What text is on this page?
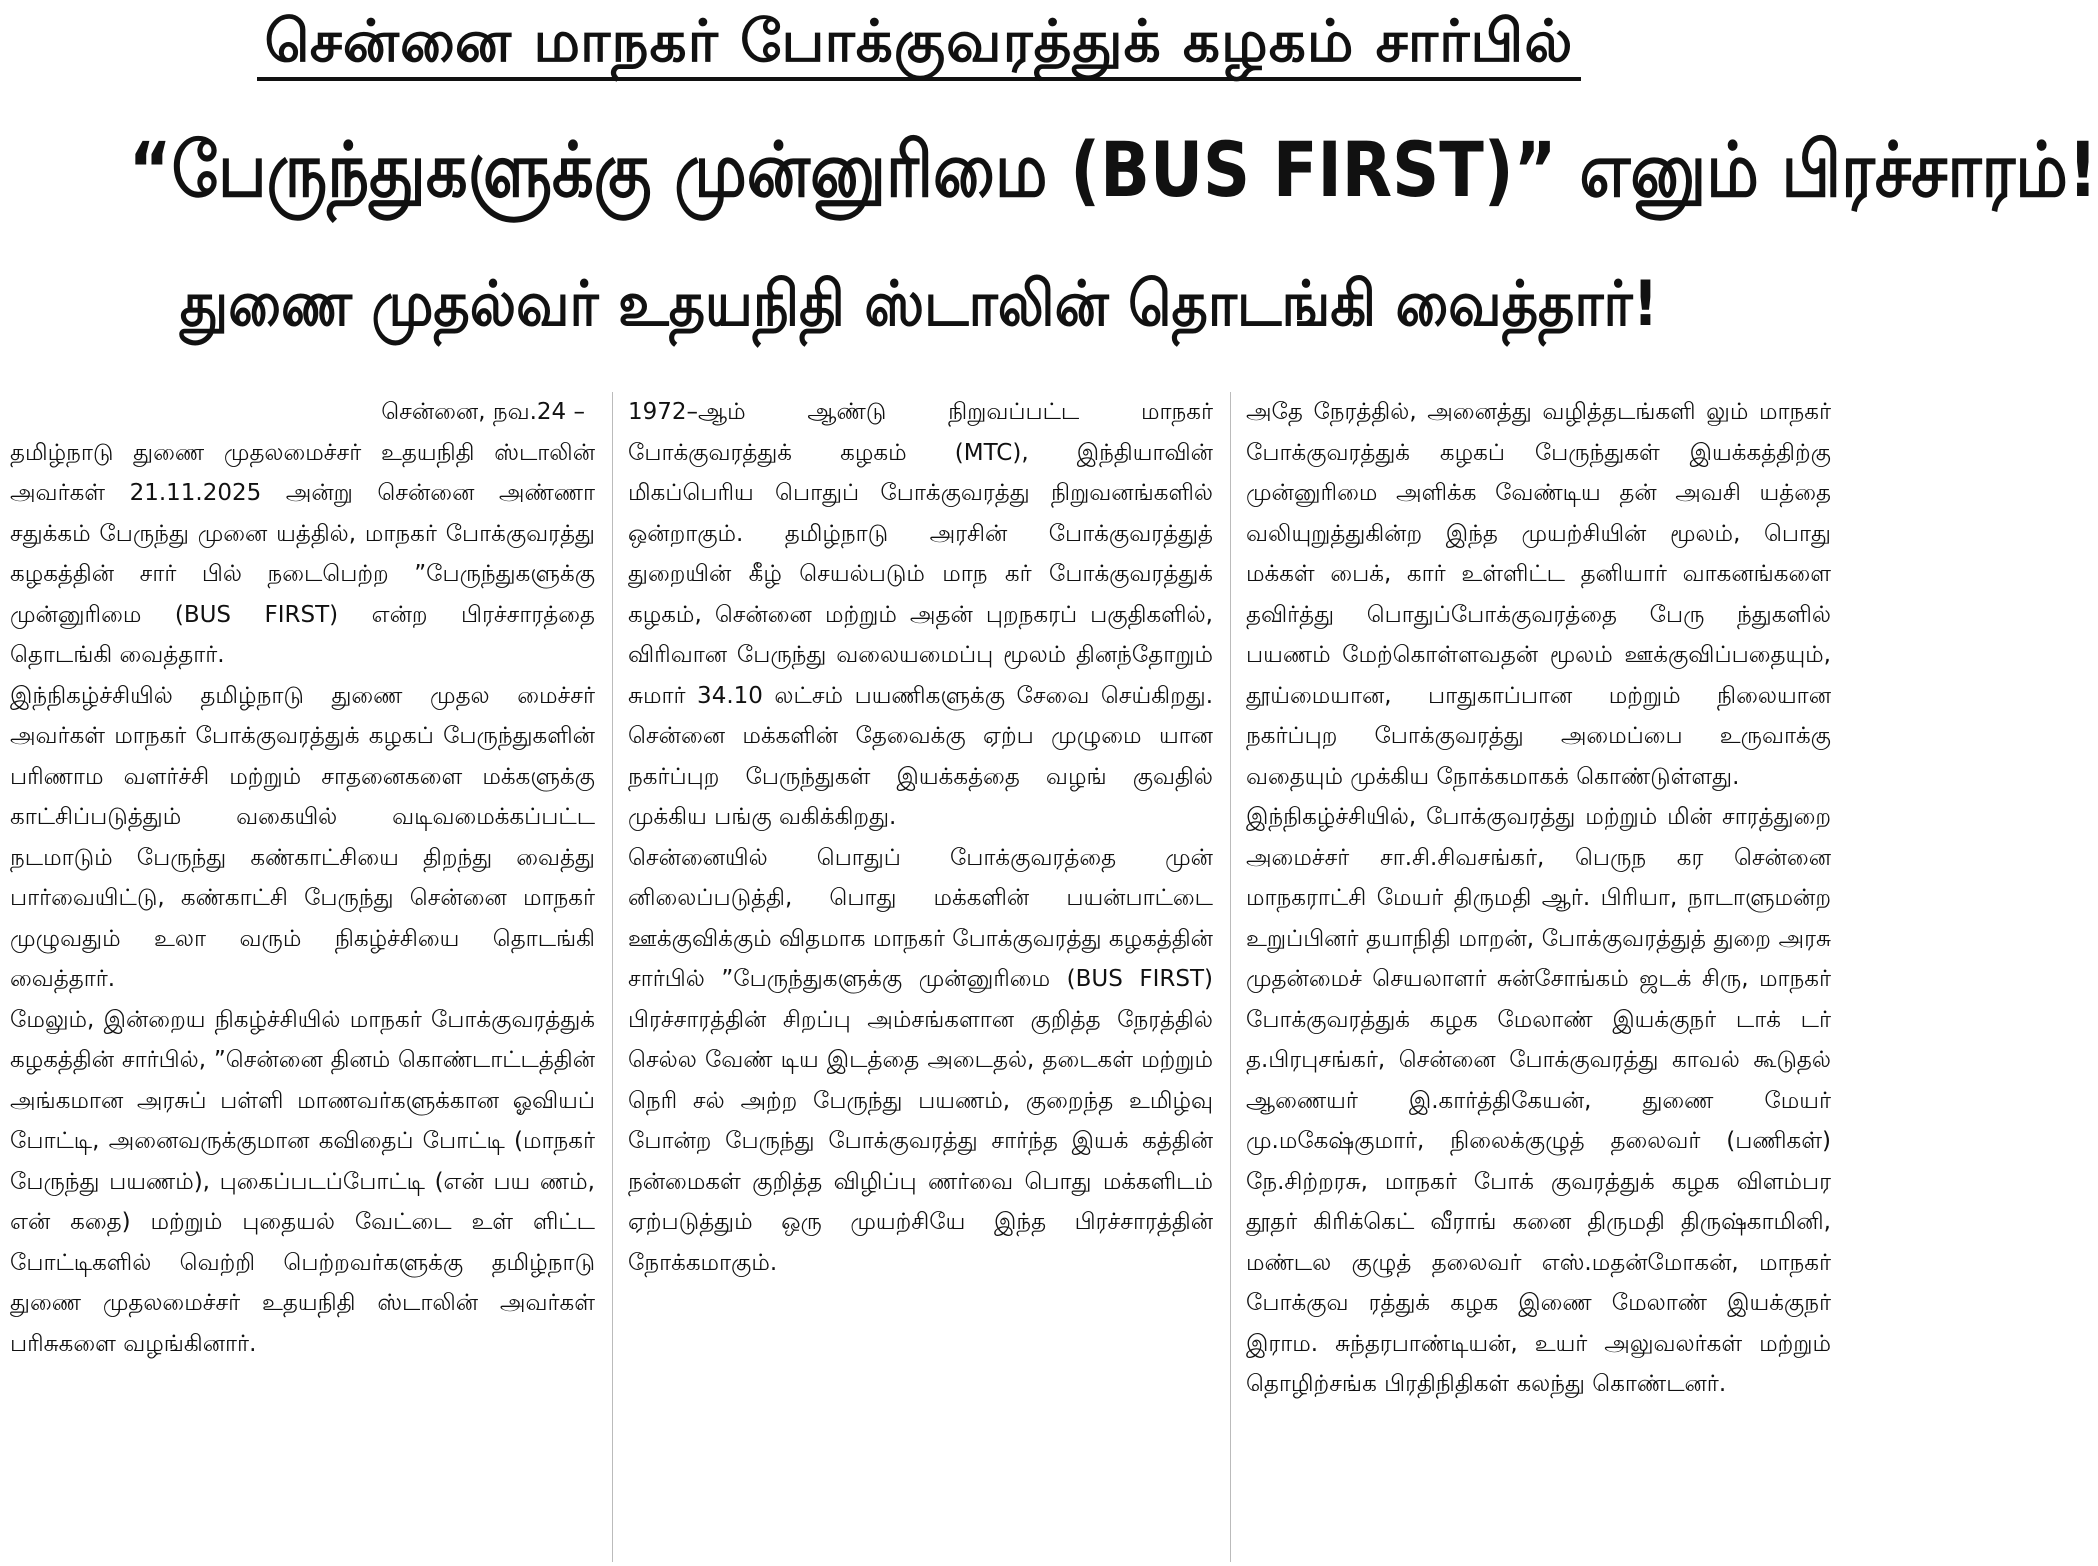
சென்னை மாநகர் போக்குவரத்துக் கழகம் சார்பில்
“பேருந்துகளுக்கு முன்னுரிமை (BUS FIRST)” எனும் பிரச்சாரம்!
துணை முதல்வர் உதயநிதி ஸ்டாலின் தொடங்கி வைத்தார்!

சென்னை, நவ.24 –

தமிழ்நாடு துணை முதலமைச்சர் உதயநிதி ஸ்டாலின் அவர்கள் 21.11.2025 அன்று சென்னை அண்ணா சதுக்கம் பேருந்து முனை யத்தில், மாநகர் போக்குவரத்து கழகத்தின் சார் பில் நடைபெற்ற ”பேருந்துகளுக்கு முன்னுரிமை (BUS FIRST) என்ற பிரச்சாரத்தை தொடங்கி வைத்தார்.

இந்நிகழ்ச்சியில் தமிழ்நாடு துணை முதல மைச்சர் அவர்கள் மாநகர் போக்குவரத்துக் கழகப் பேருந்துகளின் பரிணாம வளர்ச்சி மற்றும் சாதனைகளை மக்களுக்கு காட்சிப்படுத்தும் வகையில் வடிவமைக்கப்பட்ட நடமாடும் பேருந்து கண்காட்சியை திறந்து வைத்து பார்வையிட்டு, கண்காட்சி பேருந்து சென்னை மாநகர் முழுவதும் உலா வரும் நிகழ்ச்சியை தொடங்கி வைத்தார்.

மேலும், இன்றைய நிகழ்ச்சியில் மாநகர் போக்குவரத்துக் கழகத்தின் சார்பில், ”சென்னை தினம் கொண்டாட்டத்தின் அங்கமான அரசுப் பள்ளி மாணவர்களுக்கான ஓவியப் போட்டி, அனைவருக்குமான கவிதைப் போட்டி (மாநகர் பேருந்து பயணம்), புகைப்படப்போட்டி (என் பய ணம், என் கதை) மற்றும் புதையல் வேட்டை உள் ளிட்ட போட்டிகளில் வெற்றி பெற்றவர்களுக்கு தமிழ்நாடு துணை முதலமைச்சர் உதயநிதி ஸ்டாலின் அவர்கள் பரிசுகளை வழங்கினார்.

1972–ஆம் ஆண்டு நிறுவப்பட்ட மாநகர் போக்குவரத்துக் கழகம் (MTC), இந்தியாவின் மிகப்பெரிய பொதுப் போக்குவரத்து நிறுவனங்களில் ஒன்றாகும். தமிழ்நாடு அரசின் போக்குவரத்துத் துறையின் கீழ் செயல்படும் மாந கர் போக்குவரத்துக் கழகம், சென்னை மற்றும் அதன் புறநகரப் பகுதிகளில், விரிவான பேருந்து வலையமைப்பு மூலம் தினந்தோறும் சுமார் 34.10 லட்சம் பயணிகளுக்கு சேவை செய்கிறது. சென்னை மக்களின் தேவைக்கு ஏற்ப முழுமை யான நகர்ப்புற பேருந்துகள் இயக்கத்தை வழங் குவதில் முக்கிய பங்கு வகிக்கிறது.

சென்னையில் பொதுப் போக்குவரத்தை முன் னிலைப்படுத்தி, பொது மக்களின் பயன்பாட்டை ஊக்குவிக்கும் விதமாக மாநகர் போக்குவரத்து கழகத்தின் சார்பில் ”பேருந்துகளுக்கு முன்னுரிமை (BUS FIRST) பிரச்சாரத்தின் சிறப்பு அம்சங்களான குறித்த நேரத்தில் செல்ல வேண் டிய இடத்தை அடைதல், தடைகள் மற்றும் நெரி சல் அற்ற பேருந்து பயணம், குறைந்த உமிழ்வு போன்ற பேருந்து போக்குவரத்து சார்ந்த இயக் கத்தின் நன்மைகள் குறித்த விழிப்பு ணர்வை பொது மக்களிடம் ஏற்படுத்தும் ஒரு முயற்சியே இந்த பிரச்சாரத்தின் நோக்கமாகும்.

அதே நேரத்தில், அனைத்து வழித்தடங்களி லும் மாநகர் போக்குவரத்துக் கழகப் பேருந்துகள் இயக்கத்திற்கு முன்னுரிமை அளிக்க வேண்டிய தன் அவசி யத்தை வலியுறுத்துகின்ற இந்த முயற்சியின் மூலம், பொது மக்கள் பைக், கார் உள்ளிட்ட தனியார் வாகனங்களை தவிர்த்து பொதுப்போக்குவரத்தை பேரு ந்துகளில் பயணம் மேற்கொள்ளவதன் மூலம் ஊக்குவிப்பதையும், தூய்மையான, பாதுகாப்பான மற்றும் நிலையான நகர்ப்புற போக்குவரத்து அமைப்பை உருவாக்கு வதையும் முக்கிய நோக்கமாகக் கொண்டுள்ளது.

இந்நிகழ்ச்சியில், போக்குவரத்து மற்றும் மின் சாரத்துறை அமைச்சர் சா.சி.சிவசங்கர், பெருந கர சென்னை மாநகராட்சி மேயர் திருமதி ஆர். பிரியா, நாடாளுமன்ற உறுப்பினர் தயாநிதி மாறன், போக்குவரத்துத் துறை அரசு முதன்மைச் செயலாளர் சுன்சோங்கம் ஜடக் சிரு, மாநகர் போக்குவரத்துக் கழக மேலாண் இயக்குநர் டாக் டர் த.பிரபுசங்கர், சென்னை போக்குவரத்து காவல் கூடுதல் ஆணையர் இ.கார்த்திகேயன், துணை மேயர் மு.மகேஷ்குமார், நிலைக்குழுத் தலைவர் (பணிகள்) நே.சிற்றரசு, மாநகர் போக் குவரத்துக் கழக விளம்பர தூதர் கிரிக்கெட் வீராங் கனை திருமதி திருஷ்காமினி, மண்டல குழுத் தலைவர் எஸ்.மதன்மோகன், மாநகர் போக்குவ ரத்துக் கழக இணை மேலாண் இயக்குநர் இராம. சுந்தரபாண்டியன், உயர் அலுவலர்கள் மற்றும் தொழிற்சங்க பிரதிநிதிகள் கலந்து கொண்டனர்.
